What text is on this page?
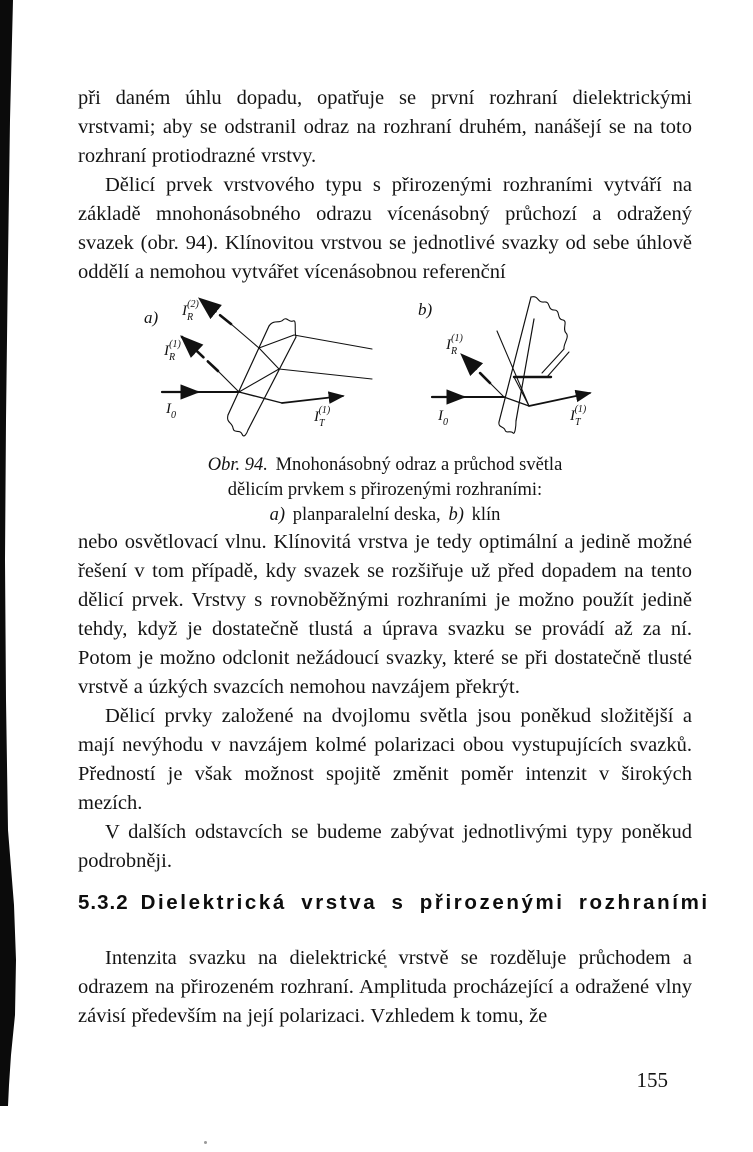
při daném úhlu dopadu, opatřuje se první rozhraní dielektrickými vrstvami; aby se odstranil odraz na rozhraní druhém, nanášejí se na toto rozhraní protiodrazné vrstvy.

Dělicí prvek vrstvového typu s přirozenými rozhraními vytváří na základě mnohonásobného odrazu vícenásobný průchozí a odražený svazek (obr. 94). Klínovitou vrstvou se jednotlivé svazky od sebe úhlově oddělí a nemohou vytvářet vícenásobnou referenční

a) $I_R(2)$
$I_R(1)$
$I_0$	$I_T(1)$
b)
$I_R(1)$
$I_0$	$I_T(1)$
Obr. 94. Mnohonásobný odraz a průchod světla
dělicím prvkem s přirozenými rozhraními:
a) planparalelní deska, b) klín

nebo osvětlovací vlnu. Klínovitá vrstva je tedy optimální a jedině možné řešení v tom případě, kdy svazek se rozšiřuje už před dopadem na tento dělicí prvek. Vrstvy s rovnoběžnými rozhraními je možno použít jedině tehdy, když je dostatečně tlustá a úprava svazku se provádí až za ní. Potom je možno odclonit nežádoucí svazky, které se při dostatečně tlusté vrstvě a úzkých svazcích nemohou navzájem překrýt.

Dělicí prvky založené na dvojlomu světla jsou poněkud složitější a mají nevýhodu v navzájem kolmé polarizaci obou vystupujících svazků. Předností je však možnost spojitě změnit poměr intenzit v širokých mezích.

V dalších odstavcích se budeme zabývat jednotlivými typy poněkud podrobněji.

5.3.2 Dielektrická vrstva s přirozenými rozhraními

Intenzita svazku na dielektrické vrstvě se rozděluje průchodem a odrazem na přirozeném rozhraní. Amplituda procházející a odražené vlny závisí především na její polarizaci. Vzhledem k tomu, že

155
